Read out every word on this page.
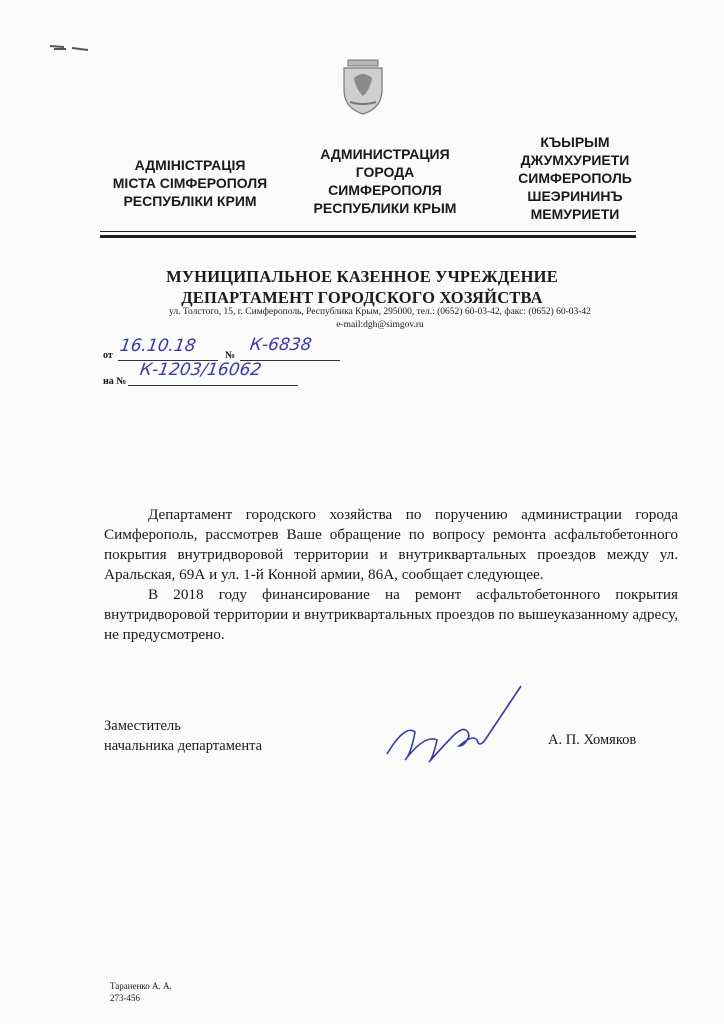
АДМІНІСТРАЦІЯ
МІСТА СІМФЕРОПОЛЯ
РЕСПУБЛІКИ КРИМ
АДМИНИСТРАЦИЯ
ГОРОДА
СИМФЕРОПОЛЯ
РЕСПУБЛИКИ КРЫМ
КЪЫРЫМ
ДЖУМХУРИЕТИ
СИМФЕРОПОЛЬ
ШЕЭРИНИНЪ
МЕМУРИЕТИ
МУНИЦИПАЛЬНОЕ КАЗЕННОЕ УЧРЕЖДЕНИЕ
ДЕПАРТАМЕНТ ГОРОДСКОГО ХОЗЯЙСТВА
ул. Толстого, 15, г. Симферополь, Республика Крым, 295000, тел.: (0652) 60-03-42, факс: (0652) 60-03-42
e-mail:dgh@simgov.ru
от 16.10.18	№
К-6838
на №
К-1203/16062

Департамент городского хозяйства по поручению администрации города Симферополь, рассмотрев Ваше обращение по вопросу ремонта асфальтобетонного покрытия внутридворовой территории и внутриквартальных проездов между ул. Аральская, 69А и ул. 1-й Конной армии, 86А, сообщает следующее.

В 2018 году финансирование на ремонт асфальтобетонного покрытия внутридворовой территории и внутриквартальных проездов по вышеуказанному адресу, не предусмотрено.

Заместитель
начальника департамента	А. П. Хомяков
Тараненко А. А.
273-456
